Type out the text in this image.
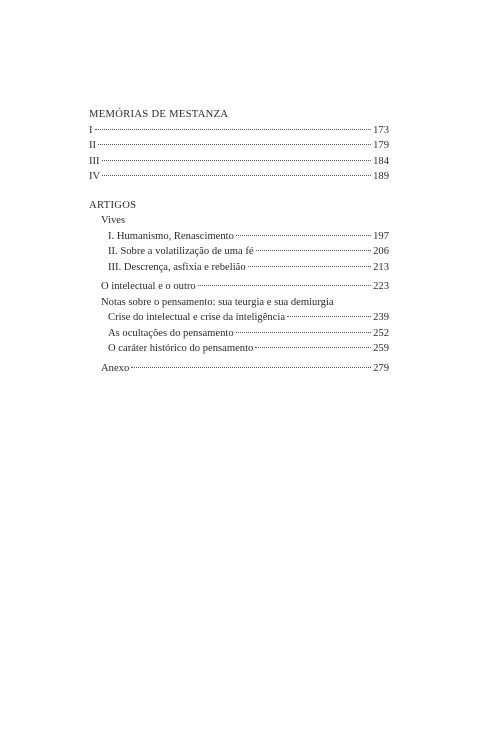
MEMÓRIAS DE MESTANZA
I	173
II	179
III	184
IV	189
ARTIGOS
Vives
I. Humanismo, Renascimento	197
II. Sobre a volatilização de uma fé	206
III. Descrença, asfixia e rebelião	213
O intelectual e o outro	223
Notas sobre o pensamento: sua teurgia e sua demiurgia
Crise do intelectual e crise da inteligência	239
As ocultações do pensamento	252
O caráter histórico do pensamento	259
Anexo	279
